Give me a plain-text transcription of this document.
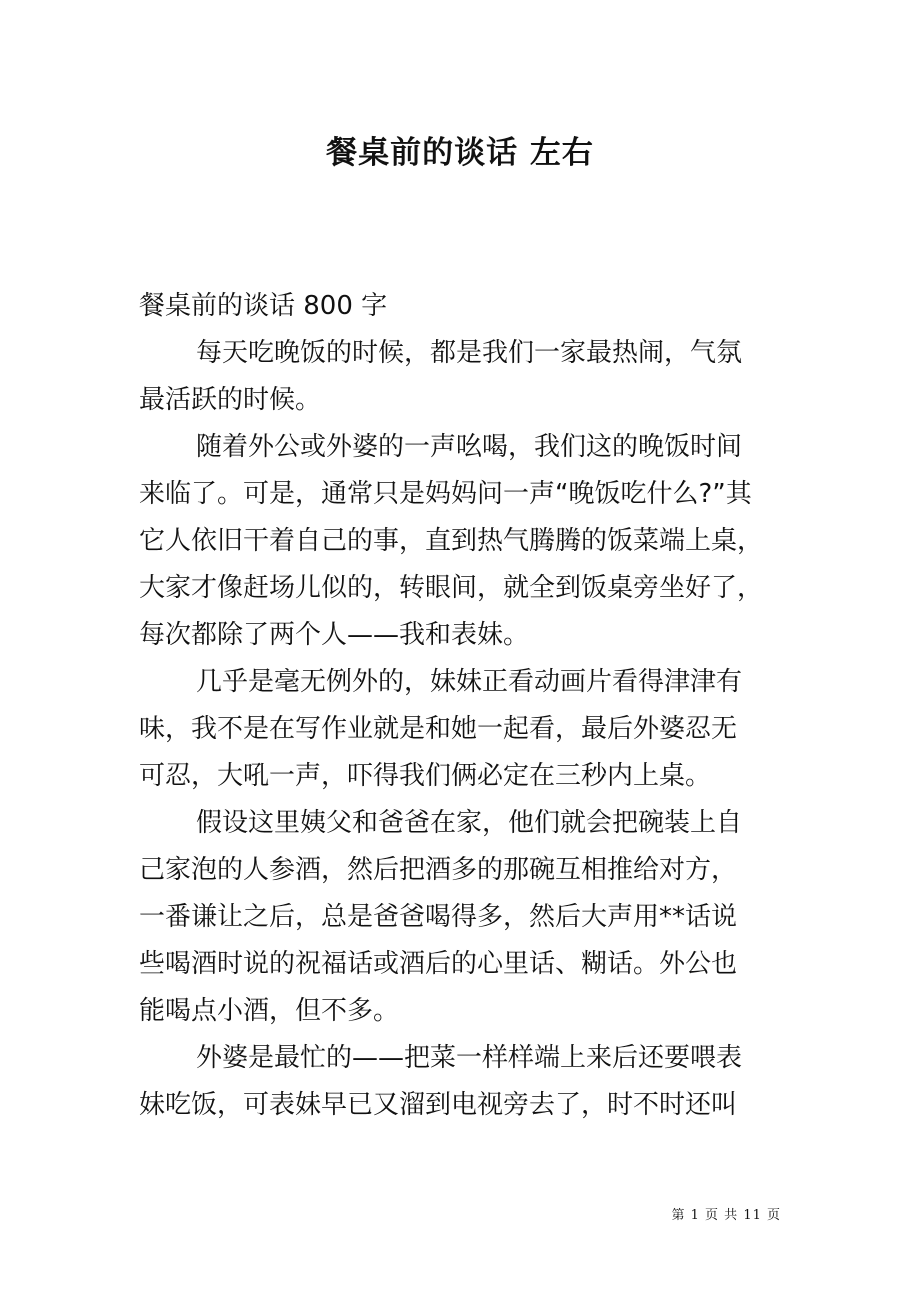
餐桌前的谈话 左右
餐桌前的谈话 800 字
每天吃晚饭的时候，都是我们一家最热闹，气氛
最活跃的时候。
随着外公或外婆的一声吆喝，我们这的晚饭时间
来临了。可是，通常只是妈妈问一声“晚饭吃什么?”其
它人依旧干着自己的事，直到热气腾腾的饭菜端上桌，
大家才像赶场儿似的，转眼间，就全到饭桌旁坐好了，
每次都除了两个人——我和表妹。
几乎是毫无例外的，妹妹正看动画片看得津津有
味，我不是在写作业就是和她一起看，最后外婆忍无
可忍，大吼一声，吓得我们俩必定在三秒内上桌。
假设这里姨父和爸爸在家，他们就会把碗装上自
己家泡的人参酒，然后把酒多的那碗互相推给对方，
一番谦让之后，总是爸爸喝得多，然后大声用**话说
些喝酒时说的祝福话或酒后的心里话、糊话。外公也
能喝点小酒，但不多。
外婆是最忙的——把菜一样样端上来后还要喂表
妹吃饭，可表妹早已又溜到电视旁去了，时不时还叫
第 1 页 共 11 页
